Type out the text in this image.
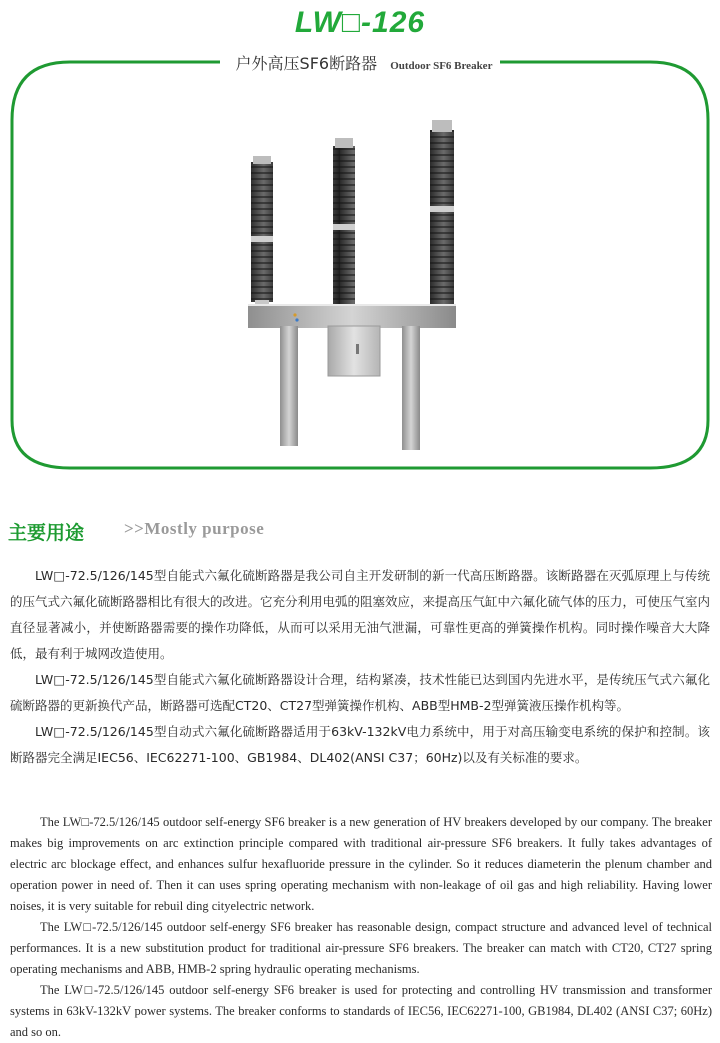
LW□-126
户外高压SF6断路器 Outdoor SF6 Breaker
主要用途 >>Mostly purpose

LW□-72.5/126/145型自能式六氟化硫断路器是我公司自主开发研制的新一代高压断路器。该断路器在灭弧原理上与传统的压气式六氟化硫断路器相比有很大的改进。它充分利用电弧的阻塞效应，来提高压气缸中六氟化硫气体的压力，可使压气室内直径显著减小，并使断路器需要的操作功降低，从而可以采用无油气泄漏，可靠性更高的弹簧操作机构。同时操作噪音大大降低，最有利于城网改造使用。

LW□-72.5/126/145型自能式六氟化硫断路器设计合理，结构紧凑，技术性能已达到国内先进水平，是传统压气式六氟化硫断路器的更新换代产品，断路器可选配CT20、CT27型弹簧操作机构、ABB型HMB-2型弹簧液压操作机构等。

LW□-72.5/126/145型自动式六氟化硫断路器适用于63kV-132kV电力系统中，用于对高压输变电系统的保护和控制。该断路器完全满足IEC56、IEC62271-100、GB1984、DL402(ANSI C37；60Hz)以及有关标准的要求。

The LW□-72.5/126/145 outdoor self-energy SF6 breaker is a new generation of HV breakers developed by our company. The breaker makes big improvements on arc extinction principle compared with traditional air-pressure SF6 breakers. It fully takes advantages of electric arc blockage effect, and enhances sulfur hexafluoride pressure in the cylinder. So it reduces diameterin the plenum chamber and operation power in need of. Then it can uses spring operating mechanism with non-leakage of oil gas and high reliability. Having lower noises, it is very suitable for rebuil ding cityelectric network.

The LW□-72.5/126/145 outdoor self-energy SF6 breaker has reasonable design, compact structure and advanced level of technical performances. It is a new substitution product for traditional air-pressure SF6 breakers. The breaker can match with CT20, CT27 spring operating mechanisms and ABB, HMB-2 spring hydraulic operating mechanisms.

The LW□-72.5/126/145 outdoor self-energy SF6 breaker is used for protecting and controlling HV transmission and transformer systems in 63kV-132kV power systems. The breaker conforms to standards of IEC56, IEC62271-100, GB1984, DL402 (ANSI C37; 60Hz) and so on.
